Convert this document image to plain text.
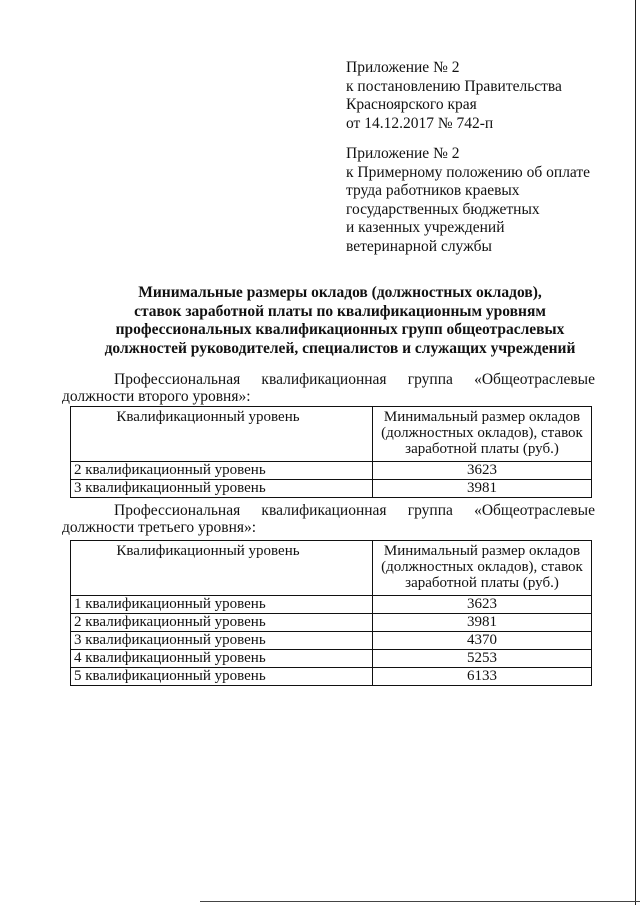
Приложение № 2
к постановлению Правительства
Красноярского края
от 14.12.2017 № 742-п
Приложение № 2
к Примерному положению об оплате
труда работников краевых
государственных бюджетных
и казенных учреждений
ветеринарной службы
Минимальные размеры окладов (должностных окладов),
ставок заработной платы по квалификационным уровням
профессиональных квалификационных групп общеотраслевых
должностей руководителей, специалистов и служащих учреждений
Профессиональная квалификационная группа «Общеотраслевые
должности второго уровня»:
Квалификационный уровень	Минимальный размер окладов (должностных окладов), ставок заработной платы (руб.)
2 квалификационный уровень	3623
3 квалификационный уровень	3981
Профессиональная квалификационная группа «Общеотраслевые
должности третьего уровня»:
Квалификационный уровень	Минимальный размер окладов (должностных окладов), ставок заработной платы (руб.)
1 квалификационный уровень	3623
2 квалификационный уровень	3981
3 квалификационный уровень	4370
4 квалификационный уровень	5253
5 квалификационный уровень	6133
